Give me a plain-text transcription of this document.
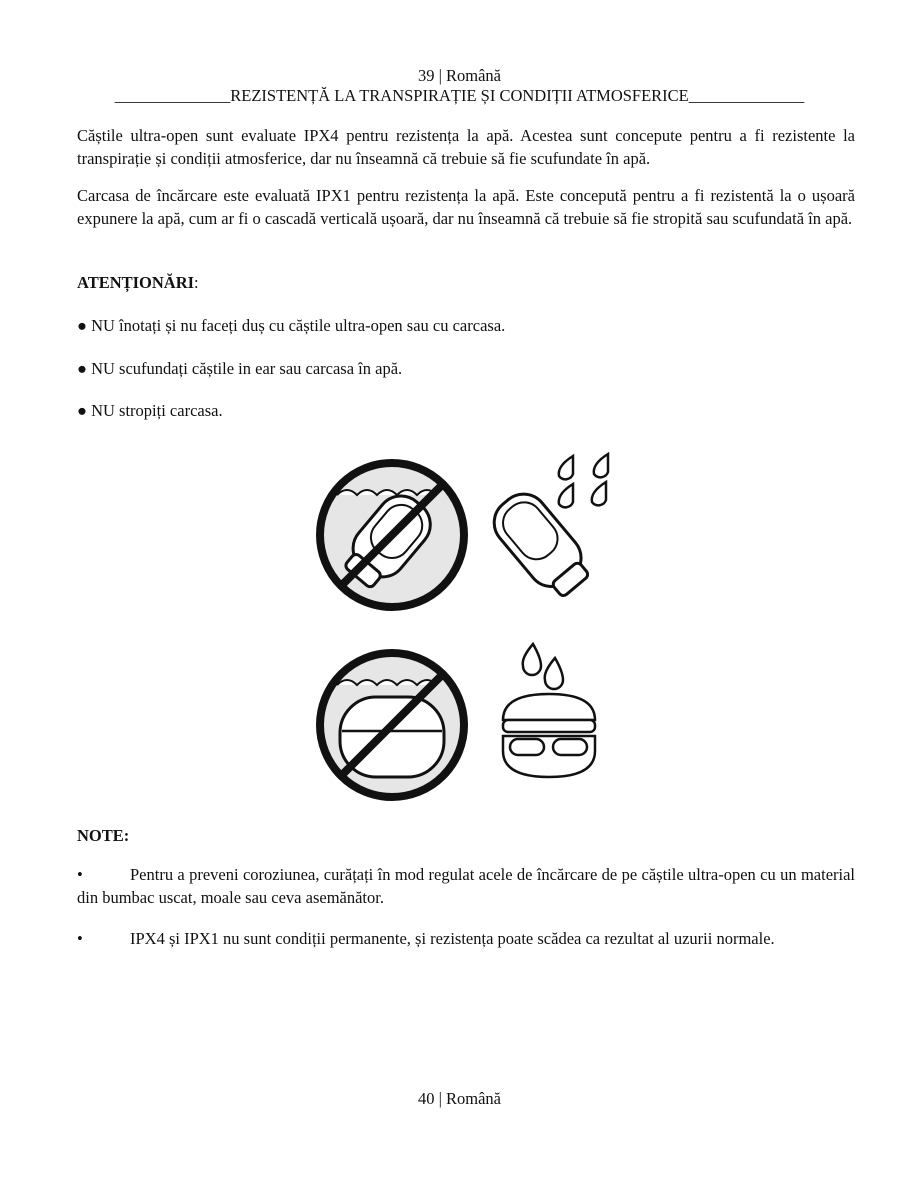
39 | Română
______________REZISTENȚĂ LA TRANSPIRAȚIE ȘI CONDIȚII ATMOSFERICE______________
Căștile ultra-open sunt evaluate IPX4 pentru rezistența la apă. Acestea sunt concepute pentru a fi rezistente la transpirație și condiții atmosferice, dar nu înseamnă că trebuie să fie scufundate în apă.
Carcasa de încărcare este evaluată IPX1 pentru rezistența la apă. Este concepută pentru a fi rezistentă la o ușoară expunere la apă, cum ar fi o cascadă verticală ușoară, dar nu înseamnă că trebuie să fie stropită sau scufundată în apă.
ATENȚIONĂRI:
● NU înotați și nu faceți duș cu căștile ultra-open sau cu carcasa.
● NU scufundați căștile in ear sau carcasa în apă.
● NU stropiți carcasa.
NOTE:
•	Pentru a preveni coroziunea, curățați în mod regulat acele de încărcare de pe căștile ultra-open cu un material din bumbac uscat, moale sau ceva asemănător.
•	IPX4 și IPX1 nu sunt condiții permanente, și rezistența poate scădea ca rezultat al uzurii normale.
40 | Română
